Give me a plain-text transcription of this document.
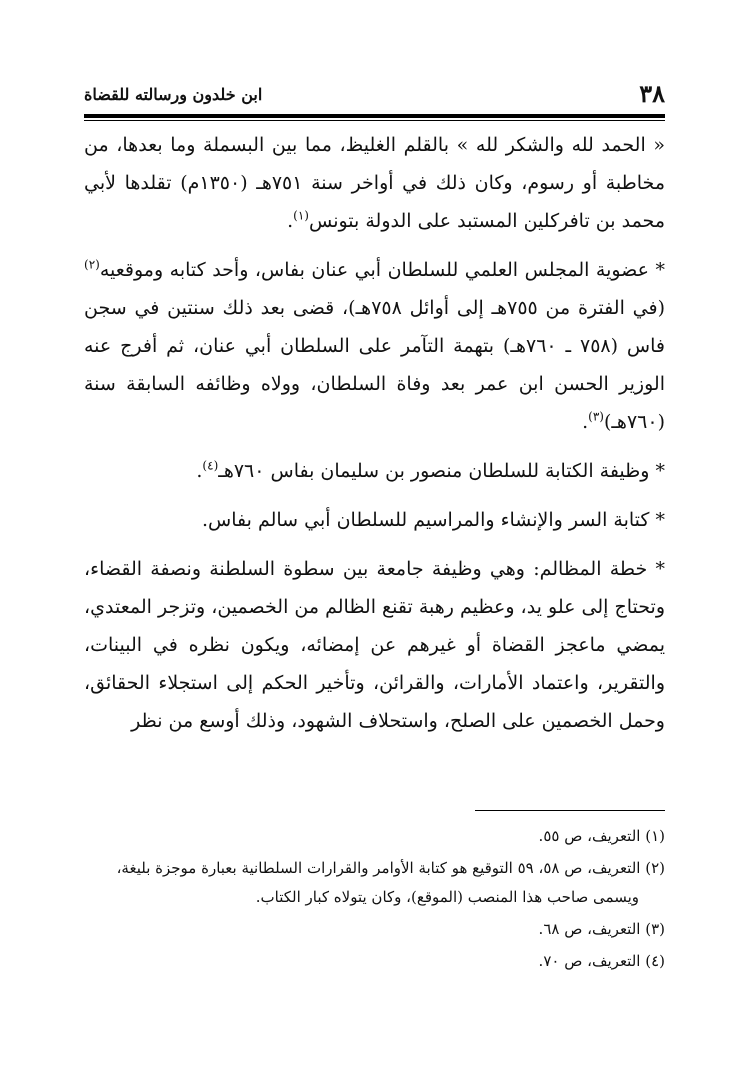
٣٨
ابن خلدون ورسالته للقضاة

« الحمد لله والشكر لله » بالقلم الغليظ، مما بين البسملة وما بعدها، من مخاطبة أو رسوم، وكان ذلك في أواخر سنة ٧٥١هـ (١٣٥٠م) تقلدها لأبي محمد بن تافركلين المستبد على الدولة بتونس$^{(١)}$.

* عضوية المجلس العلمي للسلطان أبي عنان بفاس، وأحد كتابه وموقعيه$^{(٢)}$ (في الفترة من ٧٥٥هـ إلى أوائل ٧٥٨هـ)، قضى بعد ذلك سنتين في سجن فاس (٧٥٨ ـ ٧٦٠هـ) بتهمة التآمر على السلطان أبي عنان، ثم أفرج عنه الوزير الحسن ابن عمر بعد وفاة السلطان، وولاه وظائفه السابقة سنة (٧٦٠هـ)$^{(٣)}$.

* وظيفة الكتابة للسلطان منصور بن سليمان بفاس ٧٦٠هـ$^{(٤)}$.

* كتابة السر والإنشاء والمراسيم للسلطان أبي سالم بفاس.

* خطة المظالم: وهي وظيفة جامعة بين سطوة السلطنة ونصفة القضاء، وتحتاج إلى علو يد، وعظيم رهبة تقنع الظالم من الخصمين، وتزجر المعتدي، يمضي ماعجز القضاة أو غيرهم عن إمضائه، ويكون نظره في البينات، والتقرير، واعتماد الأمارات، والقرائن، وتأخير الحكم إلى استجلاء الحقائق، وحمل الخصمين على الصلح، واستحلاف الشهود، وذلك أوسع من نظر

(١) التعريف، ص ٥٥.

(٢) التعريف، ص ٥٨، ٥٩ التوقيع هو كتابة الأوامر والقرارات السلطانية بعبارة موجزة بليغة،
ويسمى صاحب هذا المنصب (الموقع)، وكان يتولاه كبار الكتاب.

(٣) التعريف، ص ٦٨.

(٤) التعريف، ص ٧٠.
